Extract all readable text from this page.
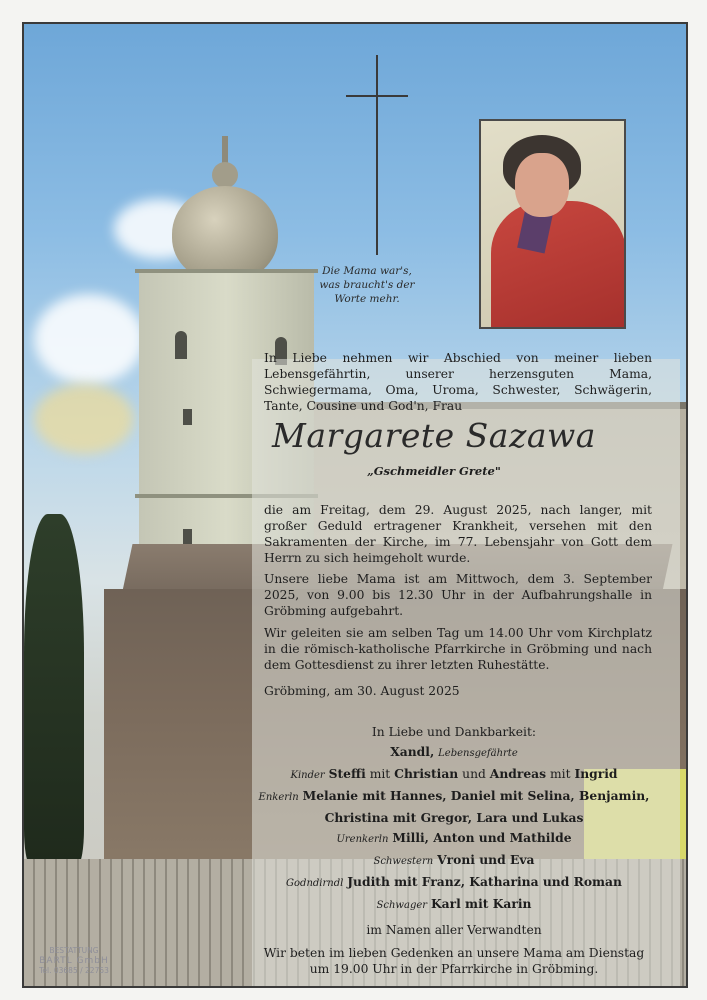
Die Mama war's,
was braucht's der
Worte mehr.
In Liebe nehmen wir Abschied von meiner lieben Lebensgefährtin, unserer herzensguten Mama, Schwiegermama, Oma, Uroma, Schwester, Schwägerin, Tante, Cousine und God'n, Frau
Margarete Sazawa
„Gschmeidler Grete"
die am Freitag, dem 29. August 2025, nach langer, mit großer Geduld ertragener Krankheit, versehen mit den Sakramenten der Kirche, im 77. Lebensjahr von Gott dem Herrn zu sich heimgeholt wurde.
Unsere liebe Mama ist am Mittwoch, dem 3. September 2025, von 9.00 bis 12.30 Uhr in der Aufbahrungshalle in Gröbming aufgebahrt.
Wir geleiten sie am selben Tag um 14.00 Uhr vom Kirchplatz in die römisch-katholische Pfarrkirche in Gröbming und nach dem Gottesdienst zu ihrer letzten Ruhestätte.
Gröbming, am 30. August 2025
In Liebe und Dankbarkeit:
Xandl, Lebensgefährte
Kinder Steffi mit Christian und Andreas mit Ingrid
Enkerln Melanie mit Hannes, Daniel mit Selina, Benjamin,
Christina mit Gregor, Lara und Lukas
Urenkerln Milli, Anton und Mathilde
Schwestern Vroni und Eva
Godndirndl Judith mit Franz, Katharina und Roman
Schwager Karl mit Karin
im Namen aller Verwandten
BESTATTUNG
BARTL GmbH
Tel. 03685 / 22753
Wir beten im lieben Gedenken an unsere Mama am Dienstag
um 19.00 Uhr in der Pfarrkirche in Gröbming.
